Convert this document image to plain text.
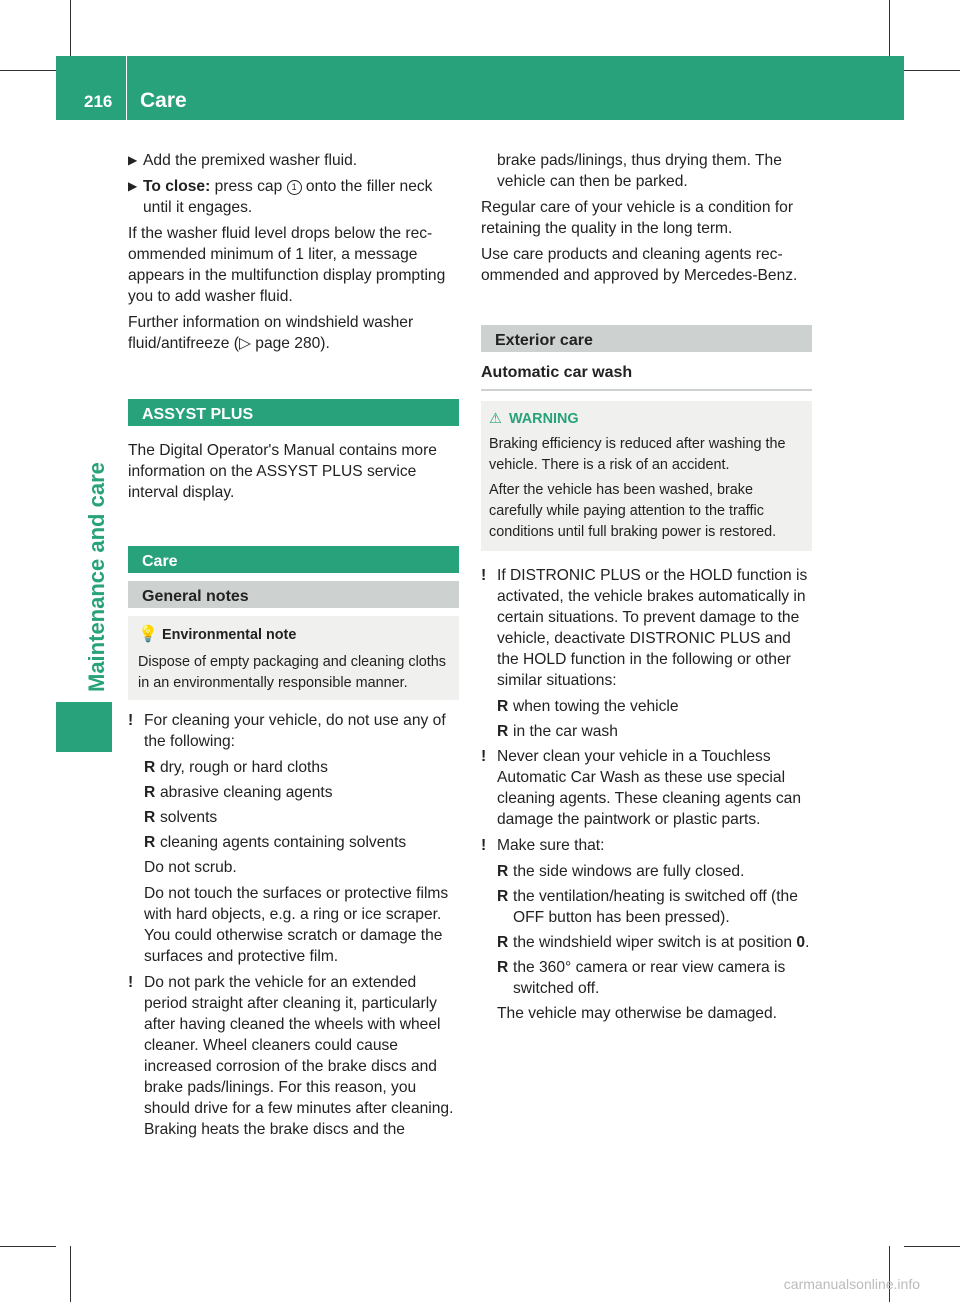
216 Care
Maintenance and care
▶ Add the premixed washer fluid.
▶ To close: press cap 1 onto the filler neck until it engages.

If the washer fluid level drops below the recommended minimum of 1 liter, a message appears in the multifunction display prompting you to add washer fluid.

Further information on windshield washer fluid/antifreeze (▷ page 280).

ASSYST PLUS

The Digital Operator's Manual contains more information on the ASSYST PLUS service interval display.

Care
General notes
💡 Environmental note
Dispose of empty packaging and cleaning cloths in an environmentally responsible manner.
! For cleaning your vehicle, do not use any of the following:
R dry, rough or hard cloths
R abrasive cleaning agents
R solvents
R cleaning agents containing solvents

Do not scrub.

Do not touch the surfaces or protective films with hard objects, e.g. a ring or ice scraper. You could otherwise scratch or damage the surfaces and protective film.

! Do not park the vehicle for an extended period straight after cleaning it, particularly after having cleaned the wheels with wheel cleaner. Wheel cleaners could cause increased corrosion of the brake discs and brake pads/linings. For this reason, you should drive for a few minutes after cleaning. Braking heats the brake discs and the

brake pads/linings, thus drying them. The vehicle can then be parked.

Regular care of your vehicle is a condition for retaining the quality in the long term.

Use care products and cleaning agents recommended and approved by Mercedes-Benz.

Exterior care
Automatic car wash
⚠ WARNING
Braking efficiency is reduced after washing the vehicle. There is a risk of an accident.
After the vehicle has been washed, brake carefully while paying attention to the traffic conditions until full braking power is restored.
! If DISTRONIC PLUS or the HOLD function is activated, the vehicle brakes automatically in certain situations. To prevent damage to the vehicle, deactivate DISTRONIC PLUS and the HOLD function in the following or other similar situations:
R when towing the vehicle
R in the car wash
! Never clean your vehicle in a Touchless Automatic Car Wash as these use special cleaning agents. These cleaning agents can damage the paintwork or plastic parts.
! Make sure that:
R the side windows are fully closed.
R the ventilation/heating is switched off (the OFF button has been pressed).
R the windshield wiper switch is at position 0.
R the 360° camera or rear view camera is switched off.

The vehicle may otherwise be damaged.

carmanualsonline.info
